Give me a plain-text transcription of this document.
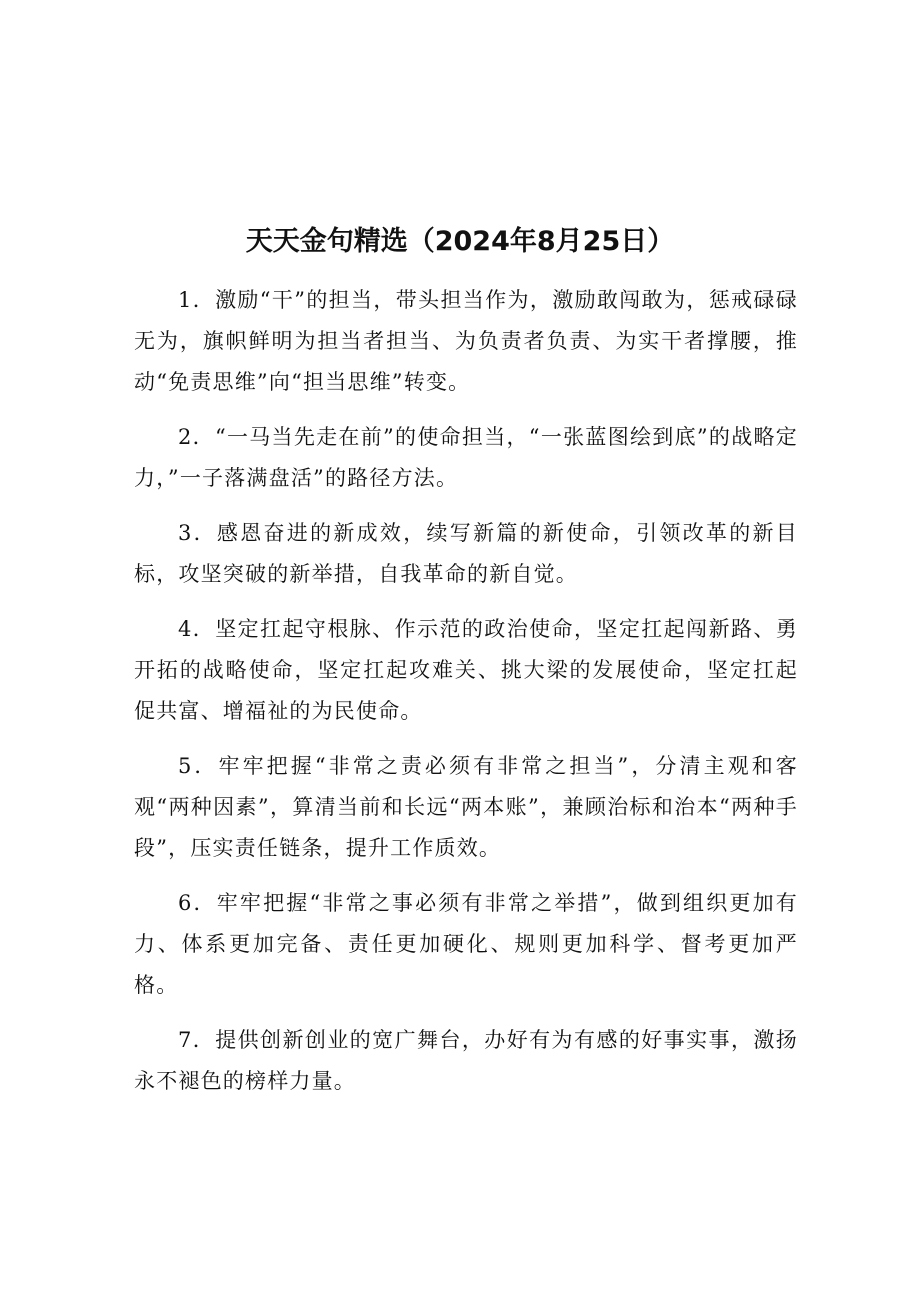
天天金句精选（2024年8月25日）

1．激励“干”的担当，带头担当作为，激励敢闯敢为，惩戒碌碌无为，旗帜鲜明为担当者担当、为负责者负责、为实干者撑腰，推动“免责思维”向“担当思维”转变。

2．“一马当先走在前”的使命担当，“一张蓝图绘到底”的战略定力，”一子落满盘活”的路径方法。

3．感恩奋进的新成效，续写新篇的新使命，引领改革的新目标，攻坚突破的新举措，自我革命的新自觉。

4．坚定扛起守根脉、作示范的政治使命，坚定扛起闯新路、勇开拓的战略使命，坚定扛起攻难关、挑大梁的发展使命，坚定扛起促共富、增福祉的为民使命。

5．牢牢把握“非常之责必须有非常之担当”，分清主观和客观“两种因素”，算清当前和长远“两本账”，兼顾治标和治本“两种手段”，压实责任链条，提升工作质效。

6．牢牢把握“非常之事必须有非常之举措”，做到组织更加有力、体系更加完备、责任更加硬化、规则更加科学、督考更加严格。

7．提供创新创业的宽广舞台，办好有为有感的好事实事，激扬永不褪色的榜样力量。
